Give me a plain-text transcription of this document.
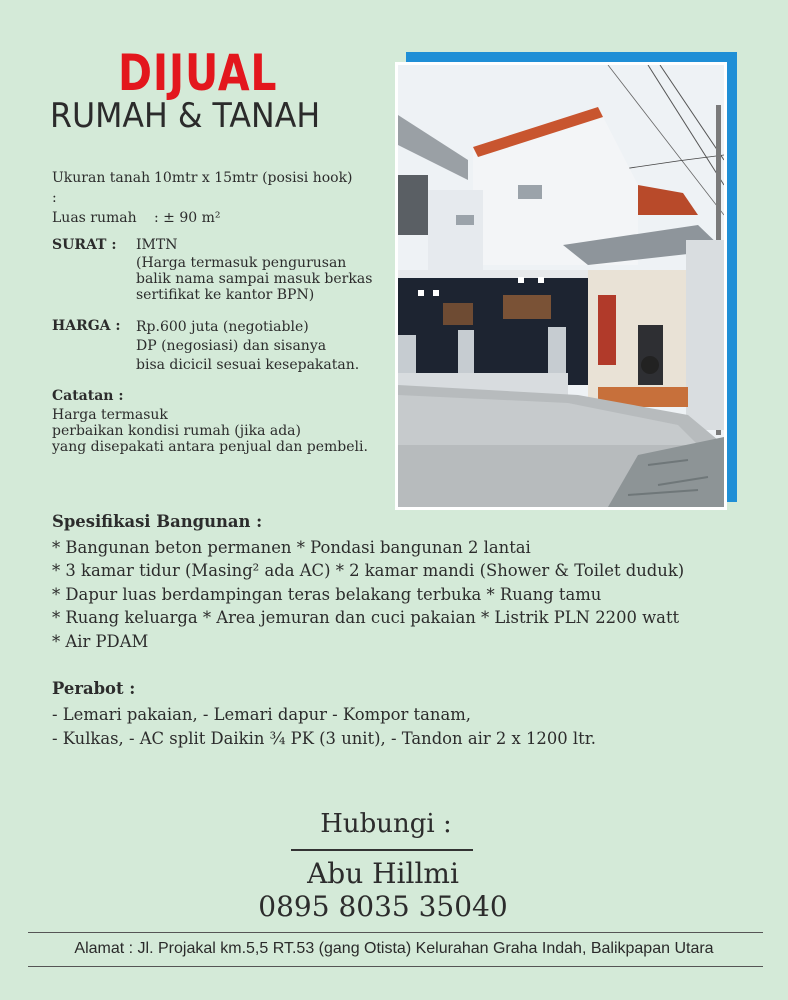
DIJUAL
RUMAH & TANAH
Ukuran tanah :
10mtr x 15mtr (posisi hook)
Luas rumah	: ± 90 m²
SURAT : IMTN
(Harga termasuk pengurusan
balik nama sampai masuk berkas
sertifikat ke kantor BPN)
HARGA : Rp.600 juta (negotiable)
DP (negosiasi) dan sisanya
bisa dicicil sesuai kesepakatan.
Catatan :
Harga termasuk
perbaikan kondisi rumah (jika ada)
yang disepakati antara penjual dan pembeli.
Spesifikasi Bangunan :
* Bangunan beton permanen * Pondasi bangunan 2 lantai
* 3 kamar tidur (Masing² ada AC) * 2 kamar mandi (Shower & Toilet duduk)
* Dapur luas berdampingan teras belakang terbuka * Ruang tamu
* Ruang keluarga * Area jemuran dan cuci pakaian * Listrik PLN 2200 watt
* Air PDAM
Perabot :
- Lemari pakaian, - Lemari dapur - Kompor tanam,
- Kulkas, - AC split Daikin ¾ PK (3 unit), - Tandon air 2 x 1200 ltr.
Hubungi :
Abu Hillmi
0895 8035 35040
Alamat : Jl. Projakal km.5,5 RT.53 (gang Otista) Kelurahan Graha Indah, Balikpapan Utara
